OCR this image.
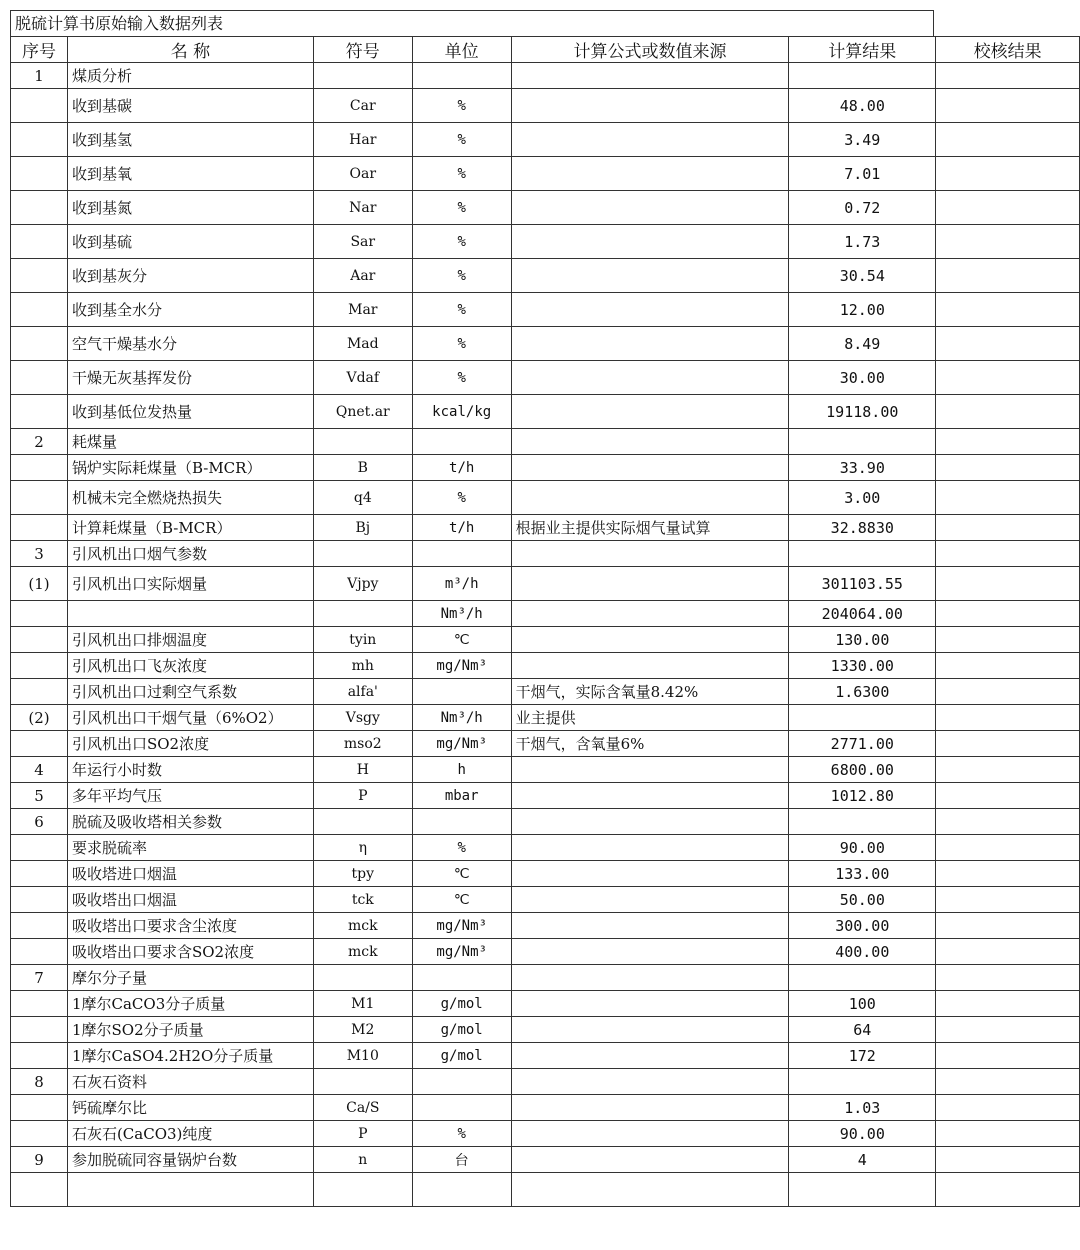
脱硫计算书原始输入数据列表
序号	名 称	符号	单位	计算公式或数值来源	计算结果	校核结果
1	煤质分析					
	收到基碳	Car	%		48.00	
	收到基氢	Har	%		3.49	
	收到基氧	Oar	%		7.01	
	收到基氮	Nar	%		0.72	
	收到基硫	Sar	%		1.73	
	收到基灰分	Aar	%		30.54	
	收到基全水分	Mar	%		12.00	
	空气干燥基水分	Mad	%		8.49	
	干燥无灰基挥发份	Vdaf	%		30.00	
	收到基低位发热量	Qnet.ar	kcal/kg		19118.00	
2	耗煤量					
	锅炉实际耗煤量（B-MCR）	B	t/h		33.90	
	机械未完全燃烧热损失	q4	%		3.00	
	计算耗煤量（B-MCR）	Bj	t/h	根据业主提供实际烟气量试算	32.8830	
3	引风机出口烟气参数					
(1)	引风机出口实际烟量	Vjpy	m³/h		301103.55	
			Nm³/h		204064.00	
	引风机出口排烟温度	tyin	℃		130.00	
	引风机出口飞灰浓度	mh	mg/Nm³		1330.00	
	引风机出口过剩空气系数	alfa'		干烟气，实际含氧量8.42%	1.6300	
(2)	引风机出口干烟气量（6%O2）	Vsgy	Nm³/h	业主提供		
	引风机出口SO2浓度	mso2	mg/Nm³	干烟气，含氧量6%	2771.00	
4	年运行小时数	H	h		6800.00	
5	多年平均气压	P	mbar		1012.80	
6	脱硫及吸收塔相关参数					
	要求脱硫率	η	%		90.00	
	吸收塔进口烟温	tpy	℃		133.00	
	吸收塔出口烟温	tck	℃		50.00	
	吸收塔出口要求含尘浓度	mck	mg/Nm³		300.00	
	吸收塔出口要求含SO2浓度	mck	mg/Nm³		400.00	
7	摩尔分子量					
	1摩尔CaCO3分子质量	M1	g/mol		100	
	1摩尔SO2分子质量	M2	g/mol		64	
	1摩尔CaSO4.2H2O分子质量	M10	g/mol		172	
8	石灰石资料					
	钙硫摩尔比	Ca/S			1.03	
	石灰石(CaCO3)纯度	P	%		90.00	
9	参加脱硫同容量锅炉台数	n	台		4	
